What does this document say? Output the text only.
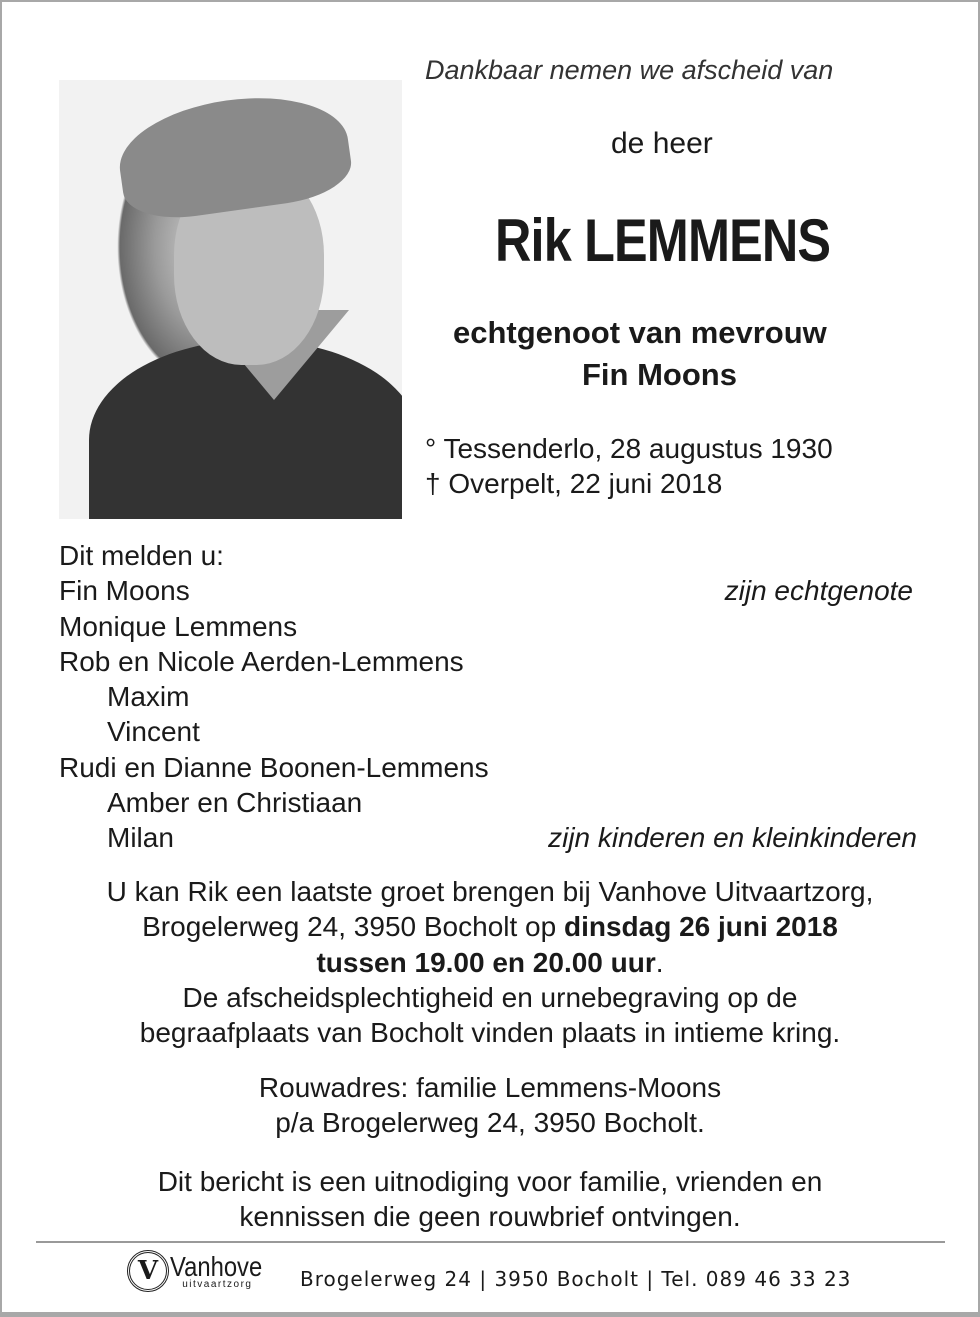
Dankbaar nemen we afscheid van
de heer
Rik LEMMENS
echtgenoot van mevrouw
Fin Moons
° Tessenderlo, 28 augustus 1930
† Overpelt, 22 juni 2018
Dit melden u:
Fin Moons	zijn echtgenote
Monique Lemmens
Rob en Nicole Aerden-Lemmens
Maxim
Vincent
Rudi en Dianne Boonen-Lemmens
Amber en Christiaan
Milan	zijn kinderen en kleinkinderen
U kan Rik een laatste groet brengen bij Vanhove Uitvaartzorg,
Brogelerweg 24, 3950 Bocholt op dinsdag 26 juni 2018
tussen 19.00 en 20.00 uur.
De afscheidsplechtigheid en urnebegraving op de
begraafplaats van Bocholt vinden plaats in intieme kring.
Rouwadres: familie Lemmens-Moons
p/a Brogelerweg 24, 3950 Bocholt.
Dit bericht is een uitnodiging voor familie, vrienden en
kennissen die geen rouwbrief ontvingen.
V Vanhove
uitvaartzorg	Brogelerweg 24 | 3950 Bocholt | Tel. 089 46 33 23
